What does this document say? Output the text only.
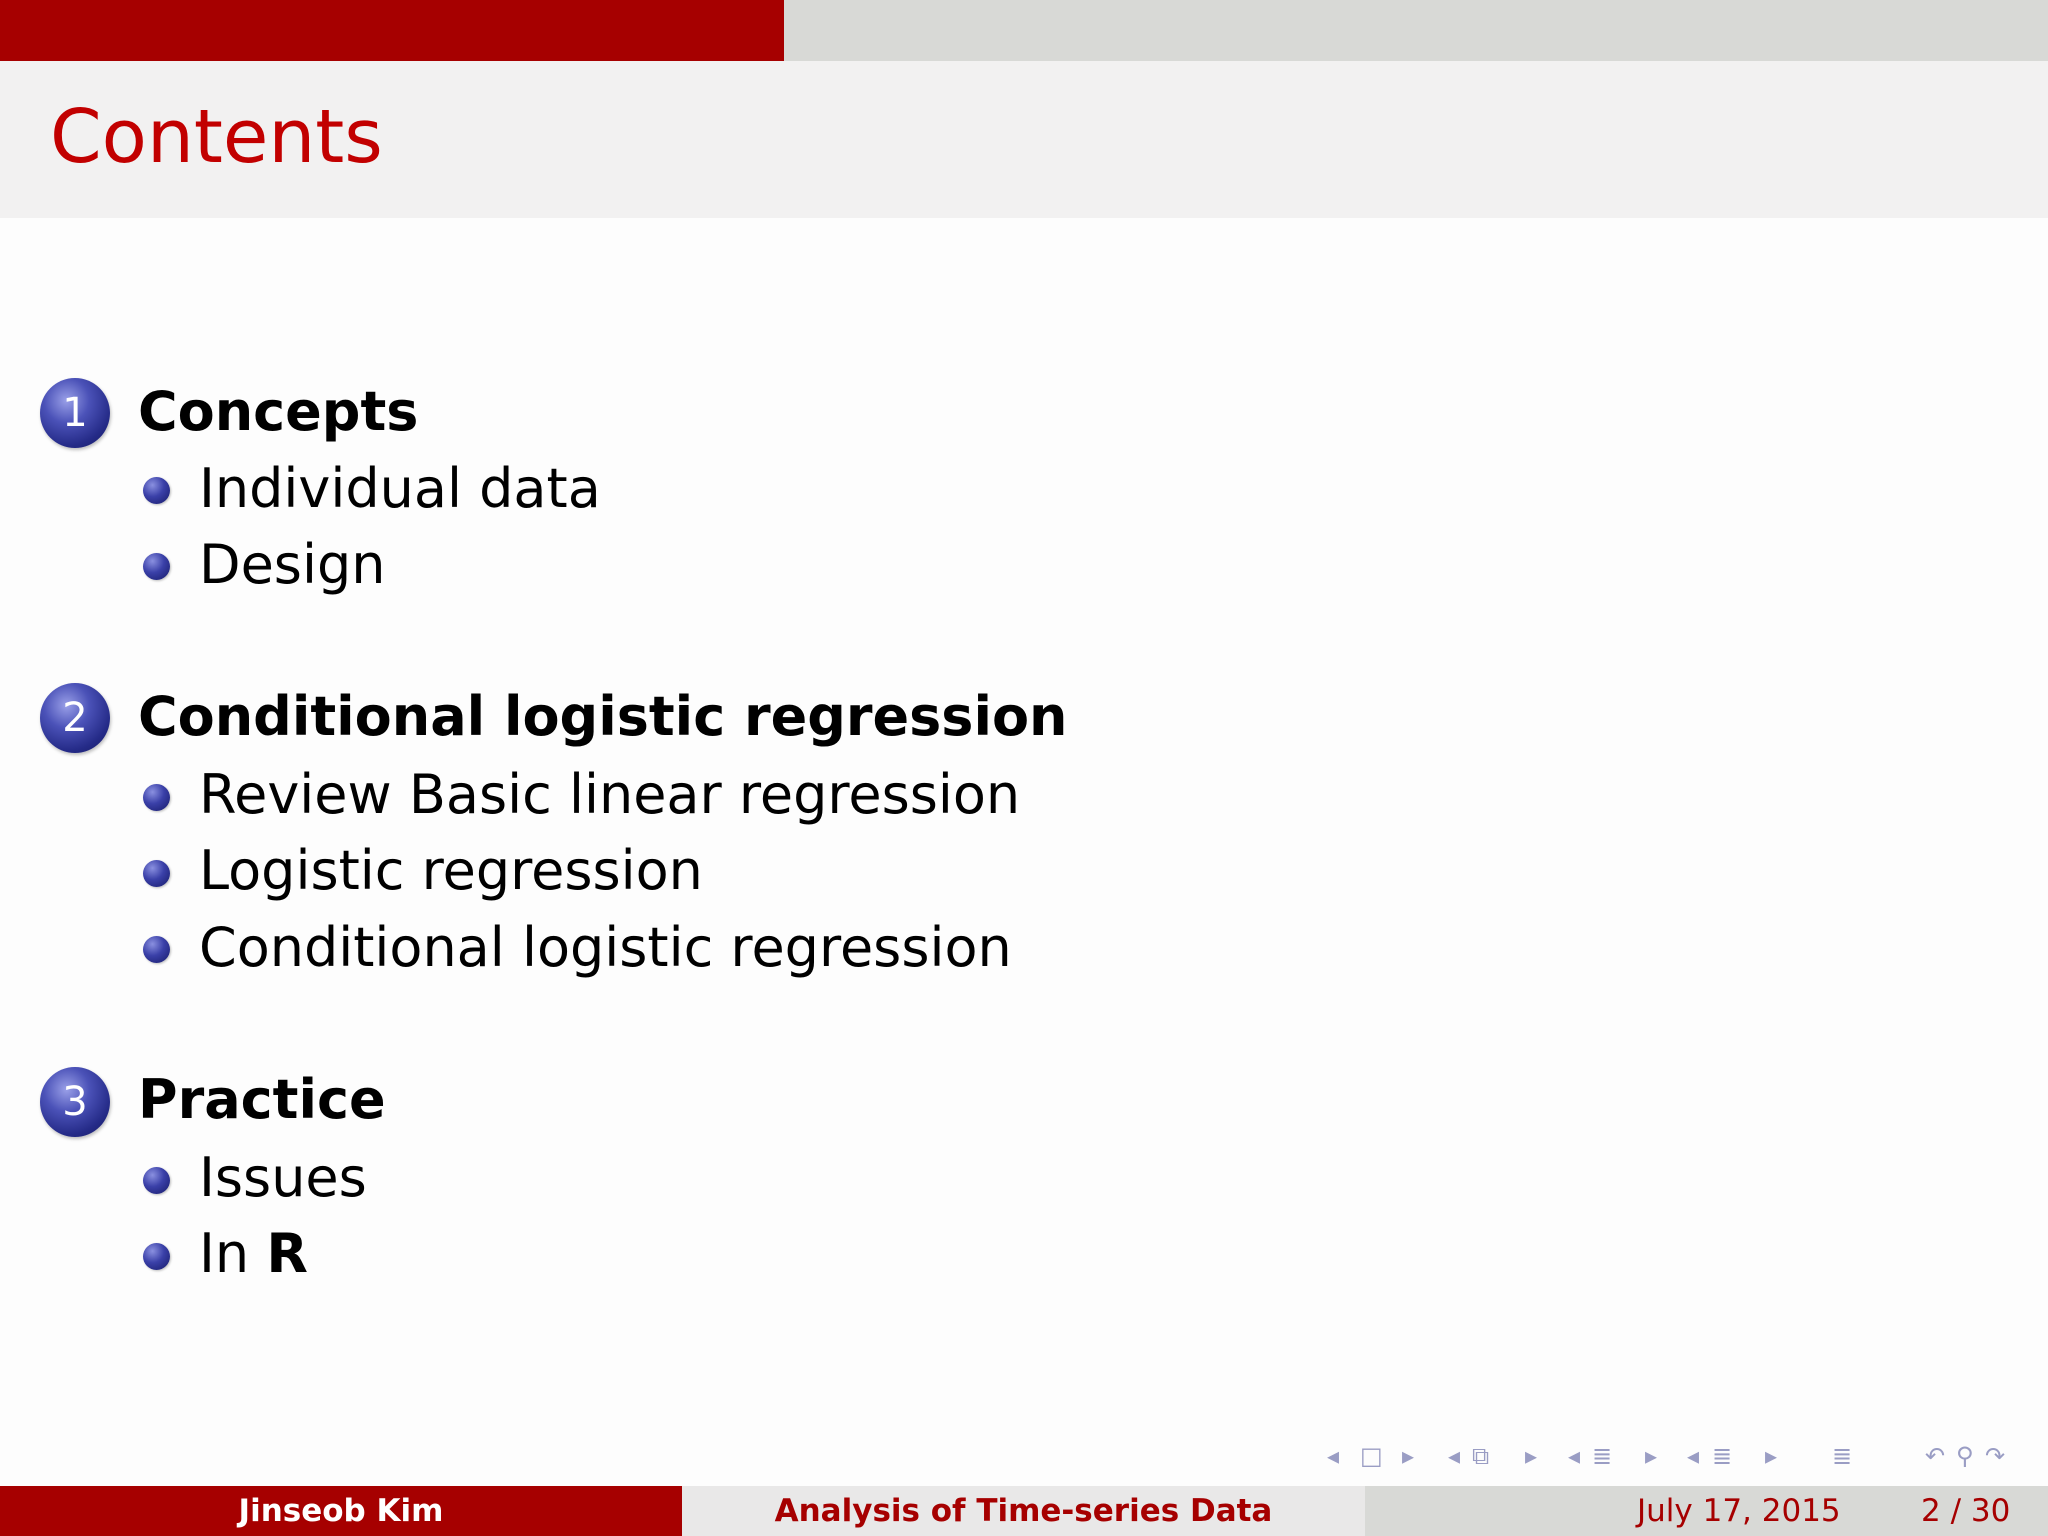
Contents
1 Concepts
Individual data
Design
2 Conditional logistic regression
Review Basic linear regression
Logistic regression
Conditional logistic regression
3 Practice
Issues
In R
◂ □ ▸ ◂ ⧉ ▸ ◂ ≣ ▸ ◂ ≣ ▸ ≣	↶ ⚲ ↷
Jinseob Kim	Analysis of Time-series Data	July 17, 2015	2 / 30
